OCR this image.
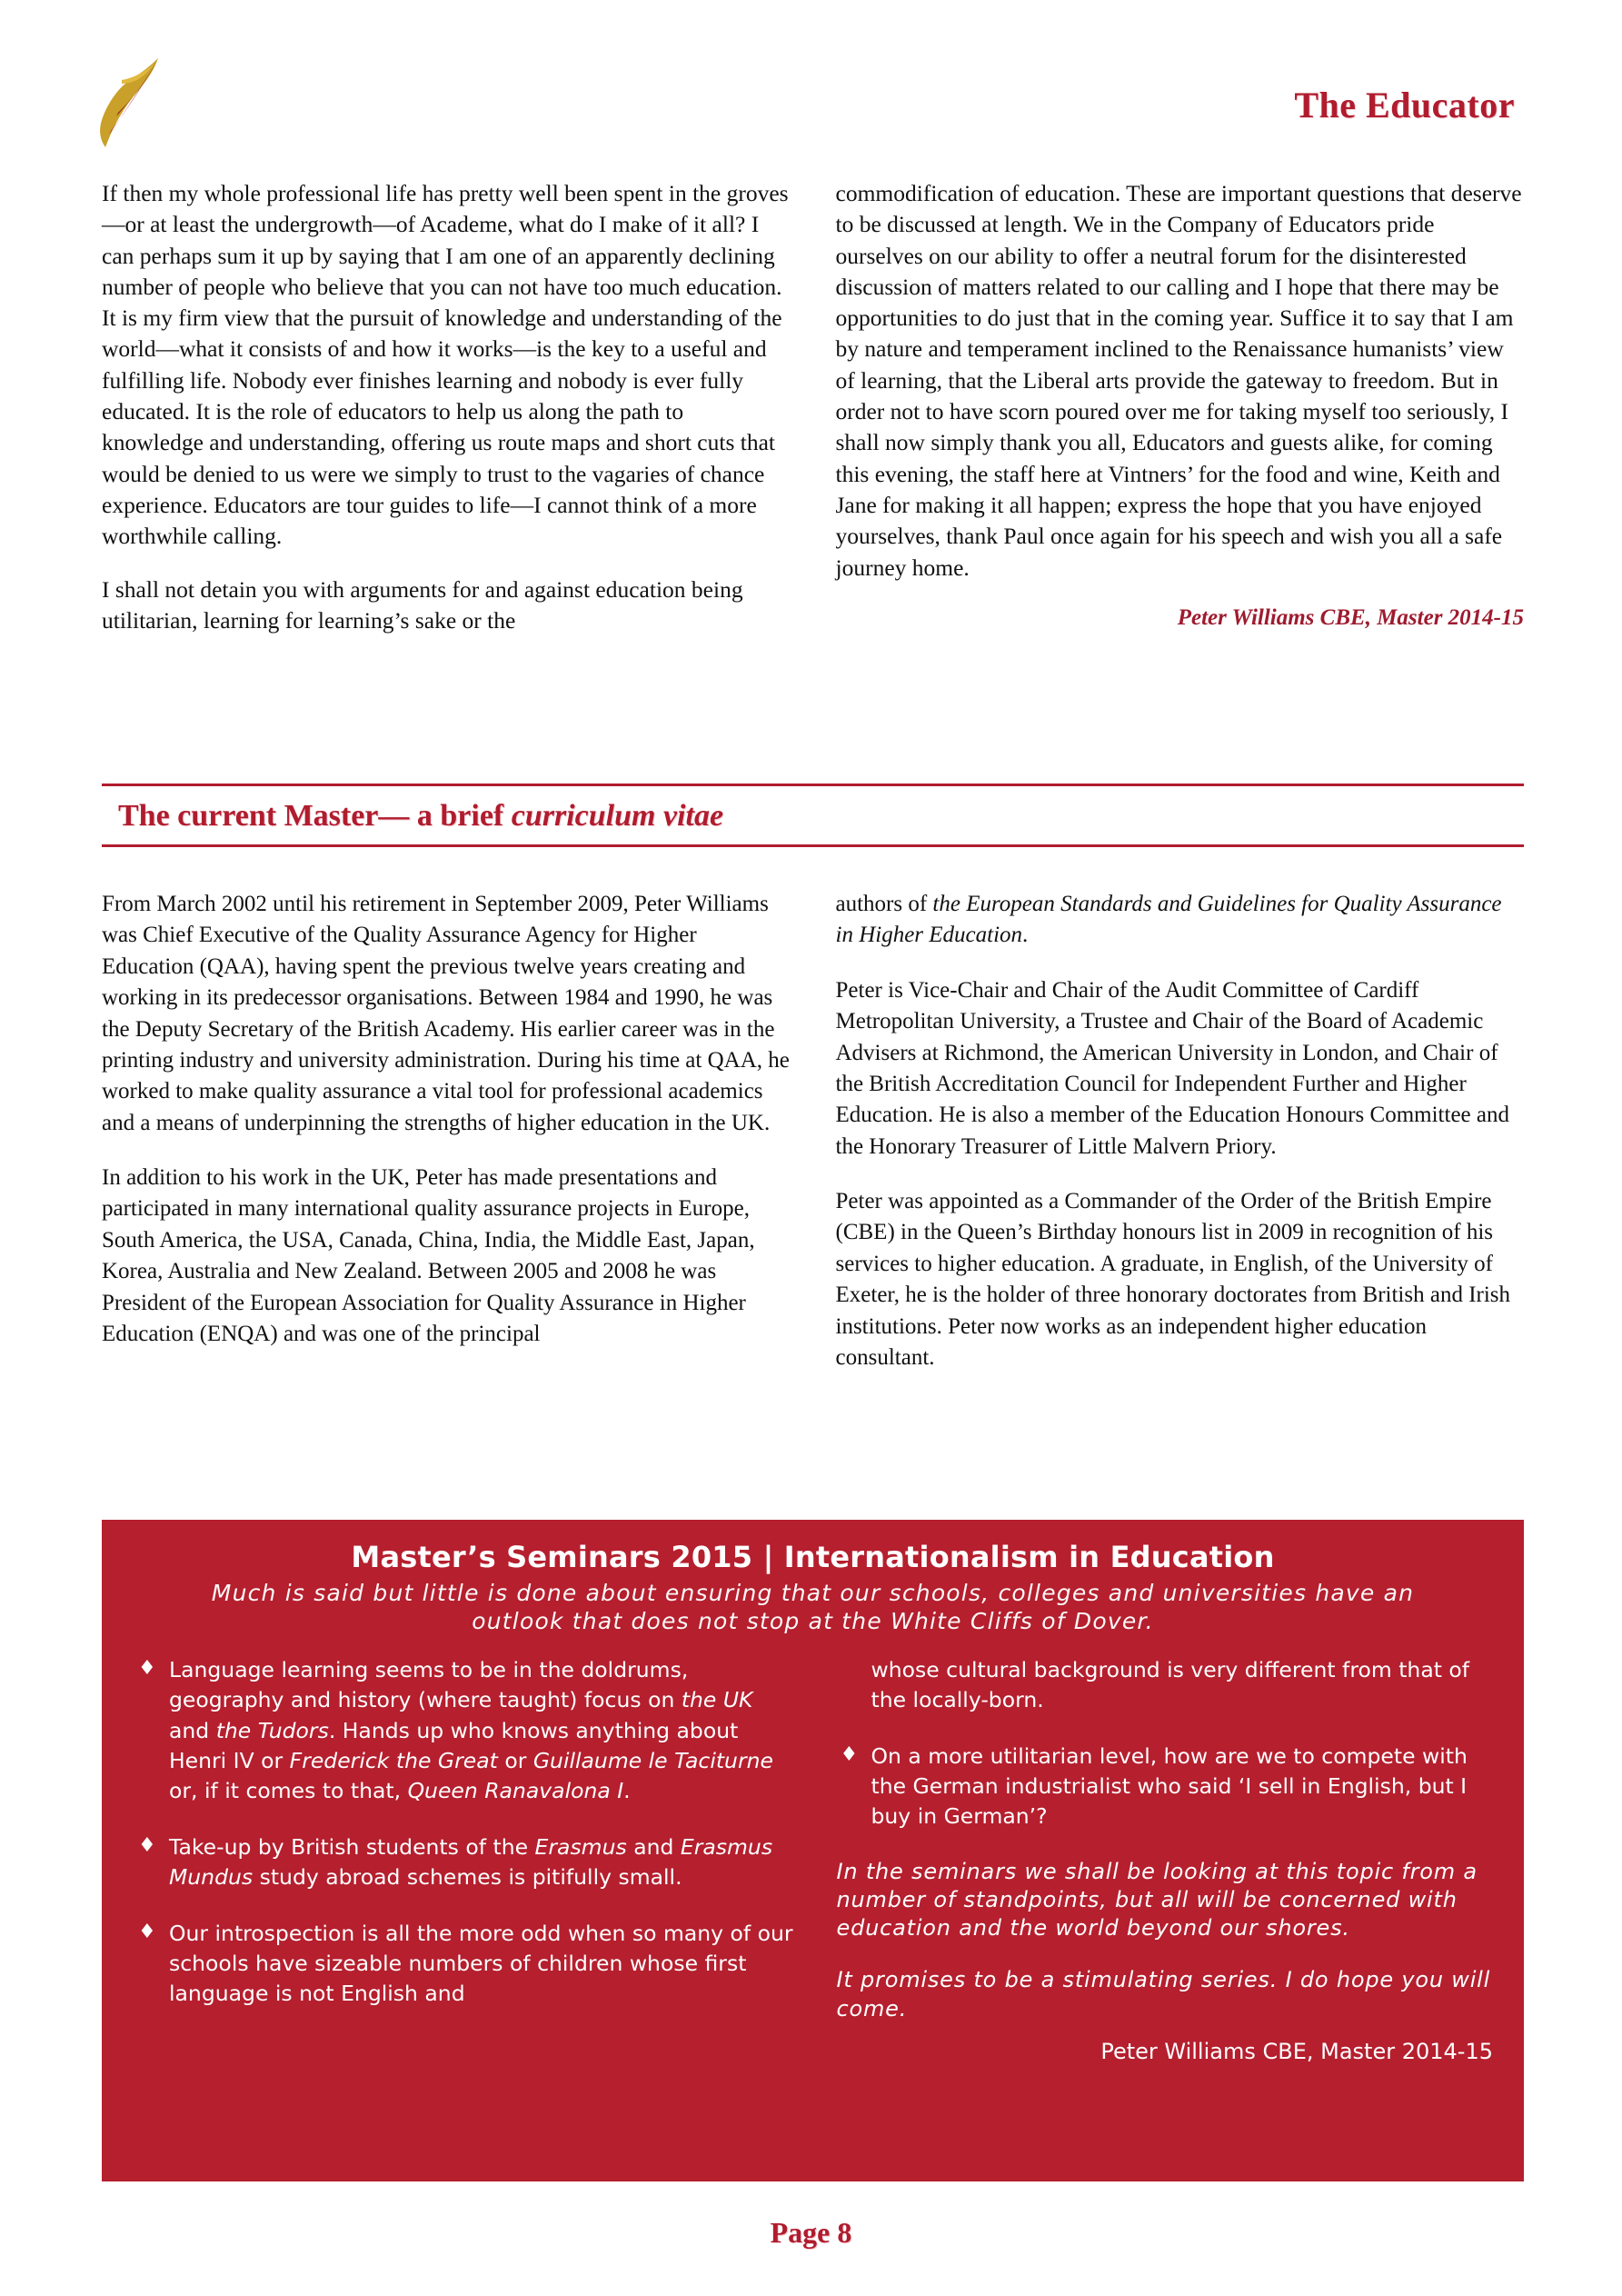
The Educator

If then my whole professional life has pretty well been spent in the groves—or at least the undergrowth—of Academe, what do I make of it all? I can perhaps sum it up by saying that I am one of an apparently declining number of people who believe that you can not have too much education. It is my firm view that the pursuit of knowledge and understanding of the world—what it consists of and how it works—is the key to a useful and fulfilling life. Nobody ever finishes learning and nobody is ever fully educated. It is the role of educators to help us along the path to knowledge and understanding, offering us route maps and short cuts that would be denied to us were we simply to trust to the vagaries of chance experience. Educators are tour guides to life—I cannot think of a more worthwhile calling.

I shall not detain you with arguments for and against education being utilitarian, learning for learning’s sake or the

commodification of education. These are important questions that deserve to be discussed at length. We in the Company of Educators pride ourselves on our ability to offer a neutral forum for the disinterested discussion of matters related to our calling and I hope that there may be opportunities to do just that in the coming year. Suffice it to say that I am by nature and temperament inclined to the Renaissance humanists’ view of learning, that the Liberal arts provide the gateway to freedom. But in order not to have scorn poured over me for taking myself too seriously, I shall now simply thank you all, Educators and guests alike, for coming this evening, the staff here at Vintners’ for the food and wine, Keith and Jane for making it all happen; express the hope that you have enjoyed yourselves, thank Paul once again for his speech and wish you all a safe journey home.

Peter Williams CBE, Master 2014-15
The current Master— a brief curriculum vitae

From March 2002 until his retirement in September 2009, Peter Williams was Chief Executive of the Quality Assurance Agency for Higher Education (QAA), having spent the previous twelve years creating and working in its predecessor organisations. Between 1984 and 1990, he was the Deputy Secretary of the British Academy. His earlier career was in the printing industry and university administration. During his time at QAA, he worked to make quality assurance a vital tool for professional academics and a means of underpinning the strengths of higher education in the UK.

In addition to his work in the UK, Peter has made presentations and participated in many international quality assurance projects in Europe, South America, the USA, Canada, China, India, the Middle East, Japan, Korea, Australia and New Zealand. Between 2005 and 2008 he was President of the European Association for Quality Assurance in Higher Education (ENQA) and was one of the principal

authors of the European Standards and Guidelines for Quality Assurance in Higher Education.

Peter is Vice-Chair and Chair of the Audit Committee of Cardiff Metropolitan University, a Trustee and Chair of the Board of Academic Advisers at Richmond, the American University in London, and Chair of the British Accreditation Council for Independent Further and Higher Education. He is also a member of the Education Honours Committee and the Honorary Treasurer of Little Malvern Priory.

Peter was appointed as a Commander of the Order of the British Empire (CBE) in the Queen’s Birthday honours list in 2009 in recognition of his services to higher education. A graduate, in English, of the University of Exeter, he is the holder of three honorary doctorates from British and Irish institutions. Peter now works as an independent higher education consultant.

Master’s Seminars 2015 | Internationalism in Education
Much is said but little is done about ensuring that our schools, colleges and universities have an outlook that does not stop at the White Cliffs of Dover.
♦ Language learning seems to be in the doldrums, geography and history (where taught) focus on the UK and the Tudors. Hands up who knows anything about Henri IV or Frederick the Great or Guillaume le Taciturne or, if it comes to that, Queen Ranavalona I.
♦ Take-up by British students of the Erasmus and Erasmus Mundus study abroad schemes is pitifully small.
♦ Our introspection is all the more odd when so many of our schools have sizeable numbers of children whose first language is not English and
whose cultural background is very different from that of the locally-born.
♦ On a more utilitarian level, how are we to compete with the German industrialist who said ‘I sell in English, but I buy in German’?
In the seminars we shall be looking at this topic from a number of standpoints, but all will be concerned with education and the world beyond our shores.
It promises to be a stimulating series. I do hope you will come.
Peter Williams CBE, Master 2014-15
Page 8
